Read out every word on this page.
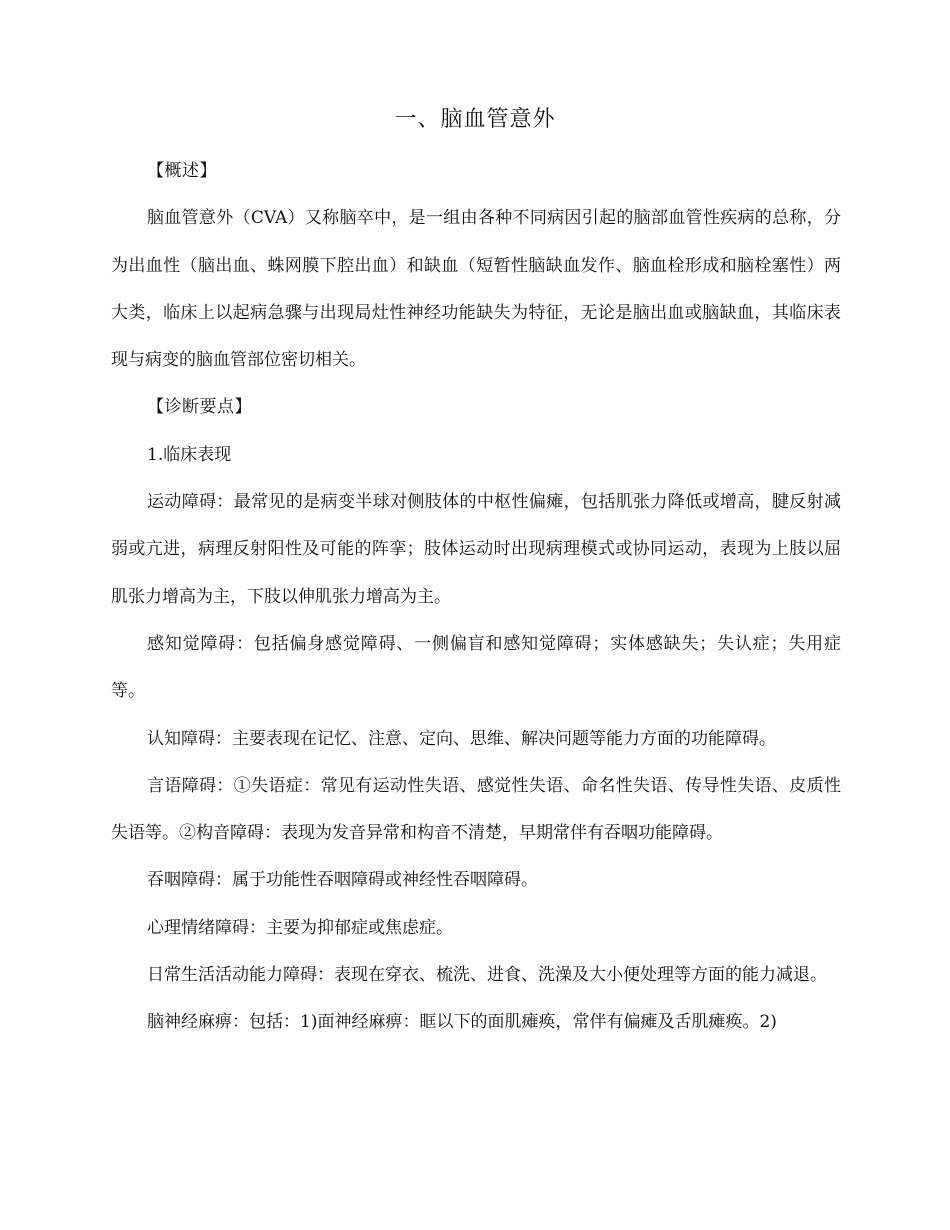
一、脑血管意外

【概述】

脑血管意外（CVA）又称脑卒中，是一组由各种不同病因引起的脑部血管性疾病的总称，分为出血性（脑出血、蛛网膜下腔出血）和缺血（短暂性脑缺血发作、脑血栓形成和脑栓塞性）两大类，临床上以起病急骤与出现局灶性神经功能缺失为特征，无论是脑出血或脑缺血，其临床表现与病变的脑血管部位密切相关。

【诊断要点】

1.临床表现

运动障碍：最常见的是病变半球对侧肢体的中枢性偏瘫，包括肌张力降低或增高，腱反射减弱或亢进，病理反射阳性及可能的阵挛；肢体运动时出现病理模式或协同运动，表现为上肢以屈肌张力增高为主，下肢以伸肌张力增高为主。

感知觉障碍：包括偏身感觉障碍、一侧偏盲和感知觉障碍；实体感缺失；失认症；失用症等。

认知障碍：主要表现在记忆、注意、定向、思维、解决问题等能力方面的功能障碍。

言语障碍：①失语症：常见有运动性失语、感觉性失语、命名性失语、传导性失语、皮质性失语等。②构音障碍：表现为发音异常和构音不清楚，早期常伴有吞咽功能障碍。

吞咽障碍：属于功能性吞咽障碍或神经性吞咽障碍。

心理情绪障碍：主要为抑郁症或焦虑症。

日常生活活动能力障碍：表现在穿衣、梳洗、进食、洗澡及大小便处理等方面的能力减退。

脑神经麻痹：包括：1)面神经麻痹：眶以下的面肌瘫痪，常伴有偏瘫及舌肌瘫痪。2)
